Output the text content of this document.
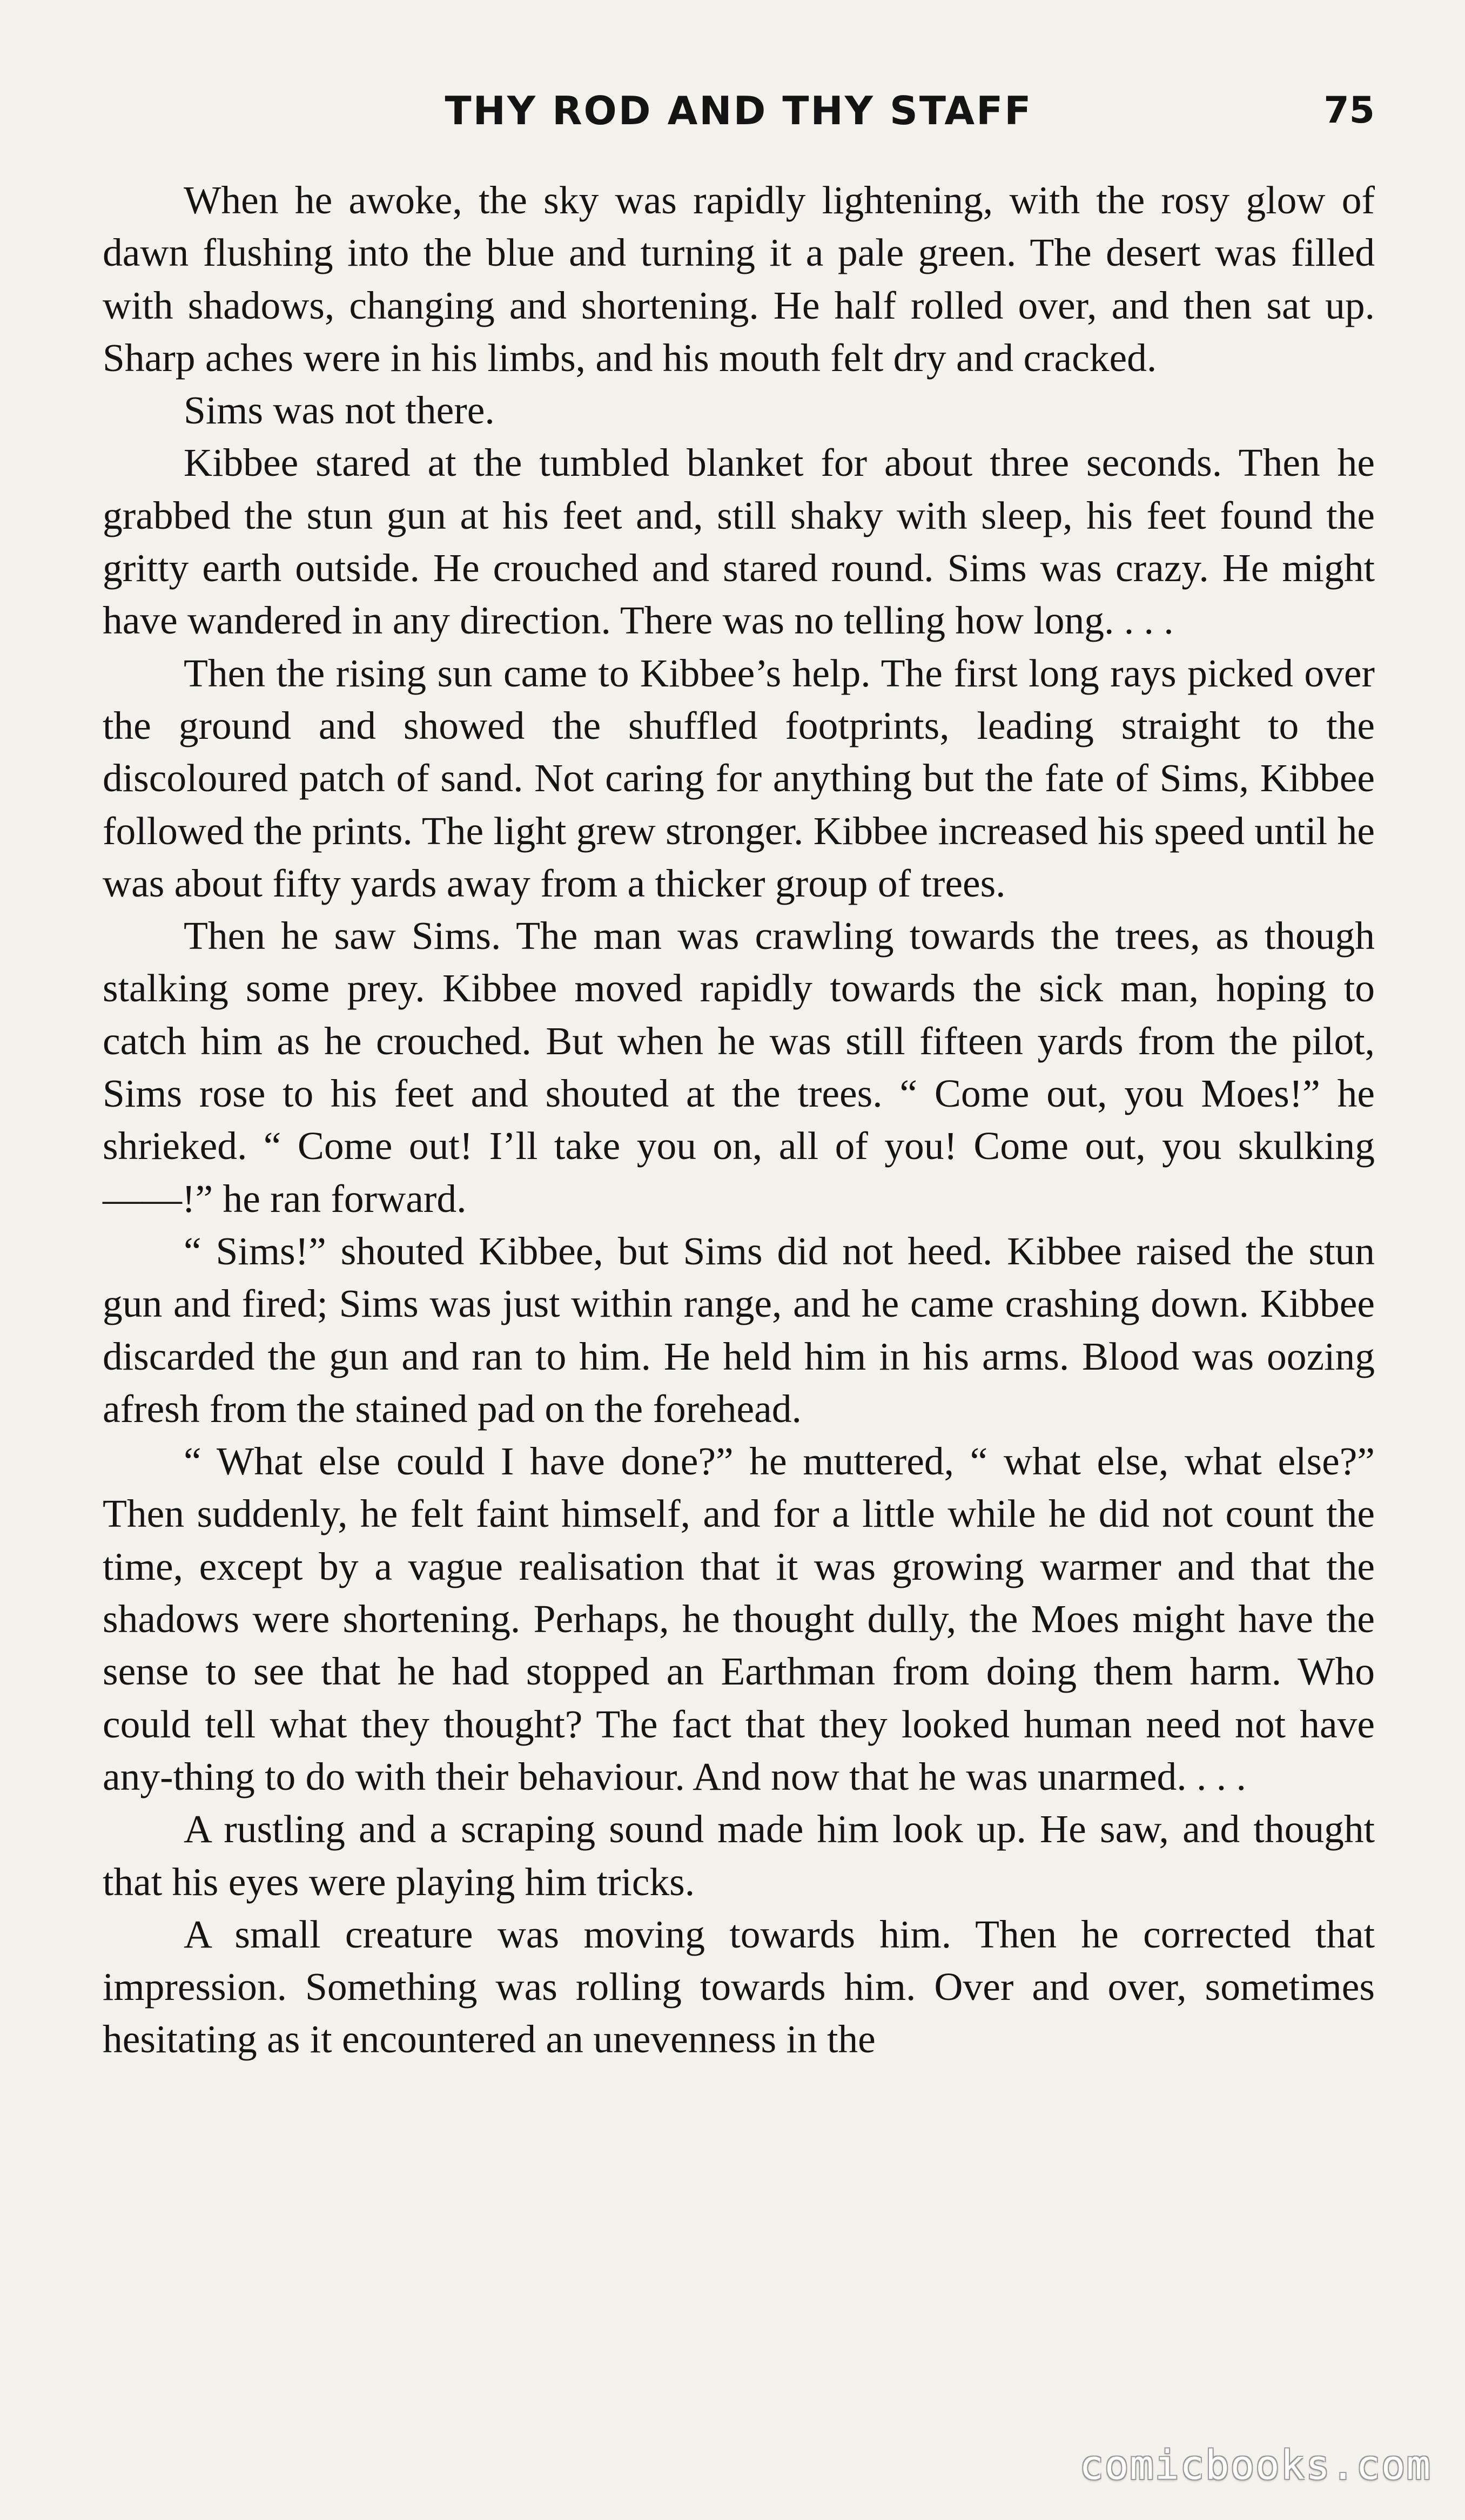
THY ROD AND THY STAFF	75

When he awoke, the sky was rapidly lightening, with the rosy glow of dawn flushing into the blue and turning it a pale green. The desert was filled with shadows, changing and shortening. He half rolled over, and then sat up. Sharp aches were in his limbs, and his mouth felt dry and cracked.

Sims was not there.

Kibbee stared at the tumbled blanket for about three seconds. Then he grabbed the stun gun at his feet and, still shaky with sleep, his feet found the gritty earth outside. He crouched and stared round. Sims was crazy. He might have wandered in any direction. There was no telling how long. . . .

Then the rising sun came to Kibbee’s help. The first long rays picked over the ground and showed the shuffled footprints, leading straight to the discoloured patch of sand. Not caring for anything but the fate of Sims, Kibbee followed the prints. The light grew stronger. Kibbee increased his speed until he was about fifty yards away from a thicker group of trees.

Then he saw Sims. The man was crawling towards the trees, as though stalking some prey. Kibbee moved rapidly towards the sick man, hoping to catch him as he crouched. But when he was still fifteen yards from the pilot, Sims rose to his feet and shouted at the trees. “ Come out, you Moes!” he shrieked. “ Come out! I’ll take you on, all of you! Come out, you skulking——!” he ran forward.

“ Sims!” shouted Kibbee, but Sims did not heed. Kibbee raised the stun gun and fired; Sims was just within range, and he came crashing down. Kibbee discarded the gun and ran to him. He held him in his arms. Blood was oozing afresh from the stained pad on the forehead.

“ What else could I have done?” he muttered, “ what else, what else?” Then suddenly, he felt faint himself, and for a little while he did not count the time, except by a vague realisation that it was growing warmer and that the shadows were shortening. Perhaps, he thought dully, the Moes might have the sense to see that he had stopped an Earthman from doing them harm. Who could tell what they thought? The fact that they looked human need not have any-thing to do with their behaviour. And now that he was unarmed. . . .

A rustling and a scraping sound made him look up. He saw, and thought that his eyes were playing him tricks.

A small creature was moving towards him. Then he corrected that impression. Something was rolling towards him. Over and over, sometimes hesitating as it encountered an unevenness in the

comicbooks.com
